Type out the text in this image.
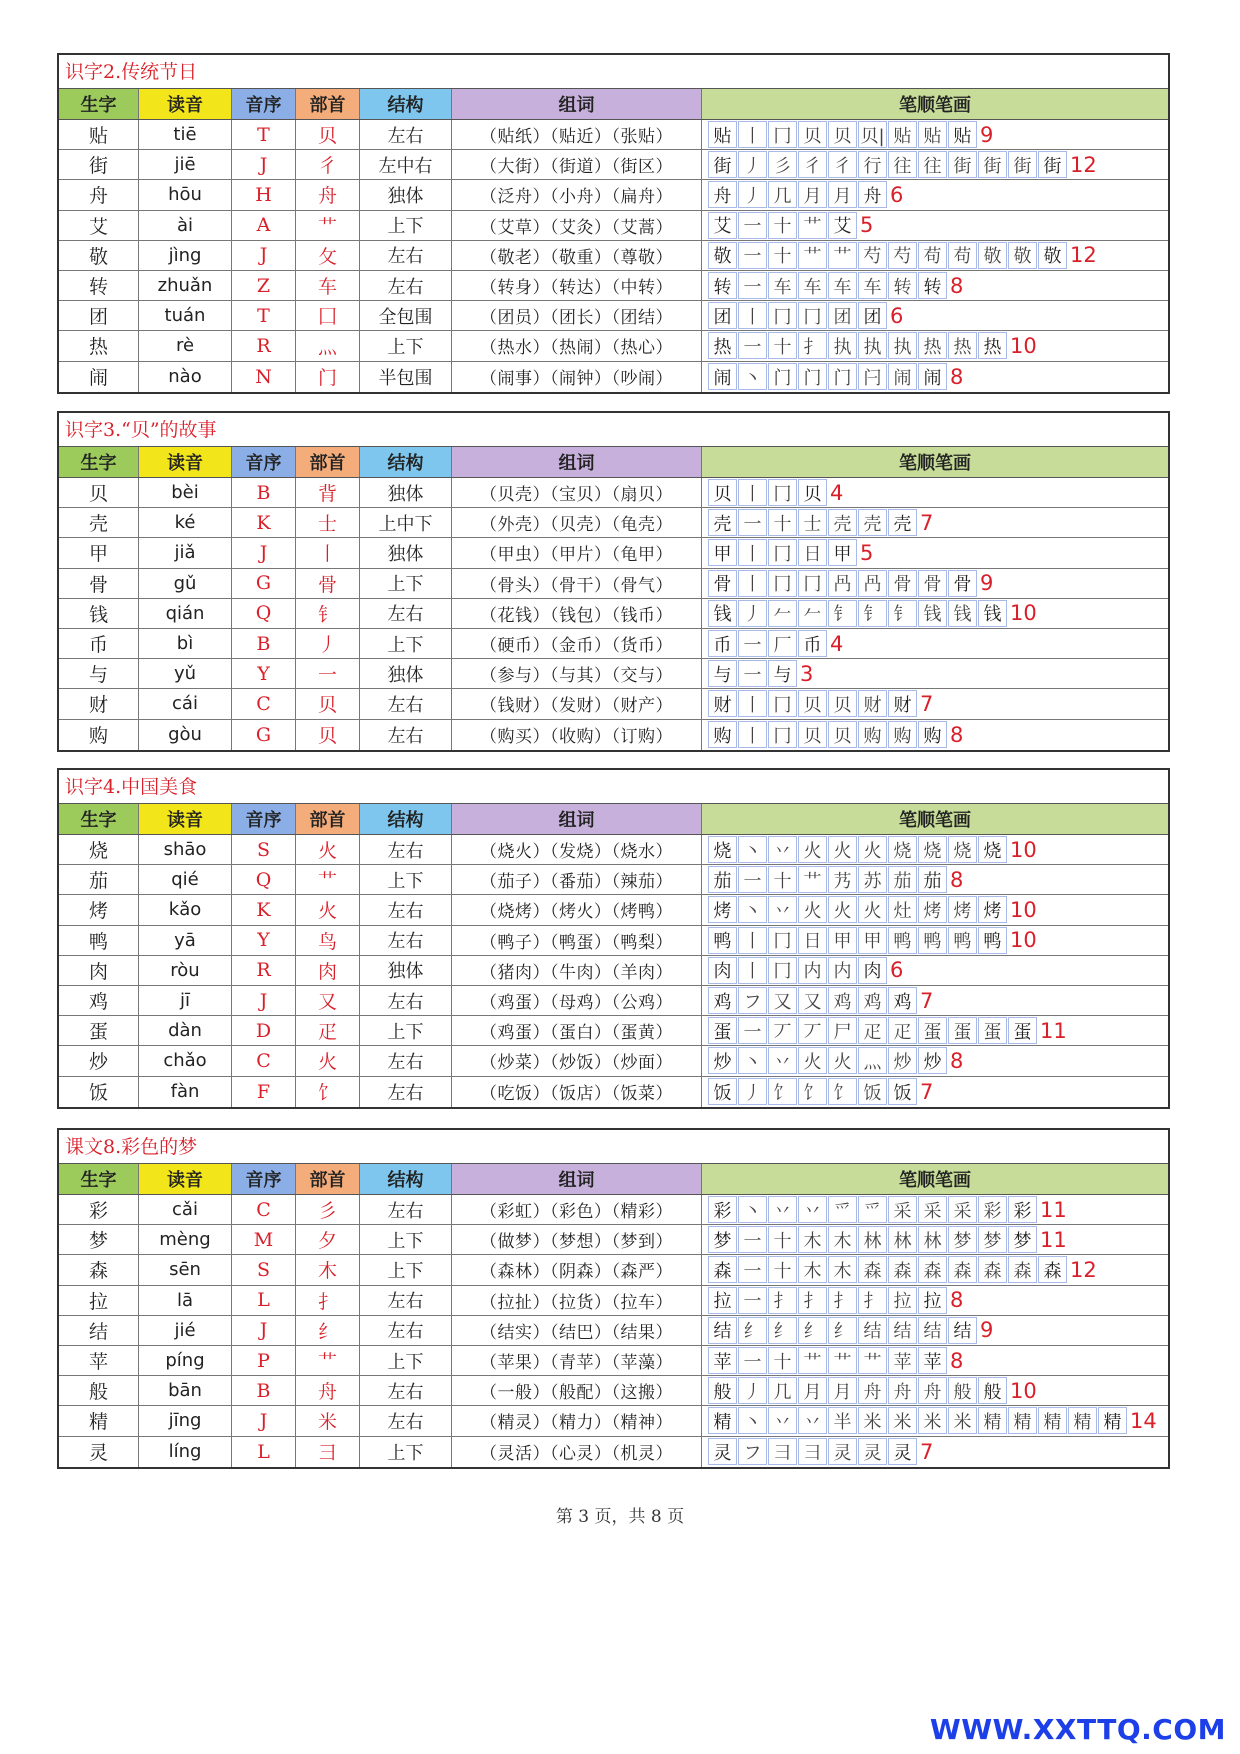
识字2.传统节日
生字	读音	音序	部首	结构	组词	笔顺笔画
贴	tiē	T	贝	左右	（贴纸）（贴近）（张贴）	贴 丨 冂 贝 贝 贝| 贴 贴 贴 9
街	jiē	J	彳	左中右	（大街）（街道）（街区）	街 丿 彡 彳 彳 行 往 往 街 街 街 街 12
舟	hōu	H	舟	独体	（泛舟）（小舟）（扁舟）	舟 丿 几 月 月 舟 6
艾	ài	A	艹	上下	（艾草）（艾灸）（艾蒿）	艾 一 十 艹 艾 5
敬	jìng	J	攵	左右	（敬老）（敬重）（尊敬）	敬 一 十 艹 艹 芍 芍 苟 苟 敬 敬 敬 12
转	zhuǎn	Z	车	左右	（转身）（转达）（中转）	转 一 车 车 车 车 转 转 8
团	tuán	T	囗	全包围	（团员）（团长）（团结）	团 丨 冂 冂 团 团 6
热	rè	R	灬	上下	（热水）（热闹）（热心）	热 一 十 扌 执 执 执 热 热 热 10
闹	nào	N	门	半包围	（闹事）（闹钟）（吵闹）	闹 丶 门 门 门 闩 闹 闹 8
识字3.“贝”的故事
生字	读音	音序	部首	结构	组词	笔顺笔画
贝	bèi	B	背	独体	（贝壳）（宝贝）（扇贝）	贝 丨 冂 贝 4
壳	ké	K	士	上中下	（外壳）（贝壳）（龟壳）	壳 一 十 士 壳 壳 壳 7
甲	jiǎ	J	丨	独体	（甲虫）（甲片）（龟甲）	甲 丨 冂 日 甲 5
骨	gǔ	G	骨	上下	（骨头）（骨干）（骨气）	骨 丨 冂 冂 冎 冎 骨 骨 骨 9
钱	qián	Q	钅	左右	（花钱）（钱包）（钱币）	钱 丿 𠂉 𠂉 钅 钅 钅 钱 钱 钱 10
币	bì	B	丿	上下	（硬币）（金币）（货币）	币 一 厂 币 4
与	yǔ	Y	一	独体	（参与）（与其）（交与）	与 一 与 3
财	cái	C	贝	左右	（钱财）（发财）（财产）	财 丨 冂 贝 贝 财 财 7
购	gòu	G	贝	左右	（购买）（收购）（订购）	购 丨 冂 贝 贝 购 购 购 8
识字4.中国美食
生字	读音	音序	部首	结构	组词	笔顺笔画
烧	shāo	S	火	左右	（烧火）（发烧）（烧水）	烧 丶 丷 火 火 火 烧 烧 烧 烧 10
茄	qié	Q	艹	上下	（茄子）（番茄）（辣茄）	茄 一 十 艹 艿 苏 茄 茄 8
烤	kǎo	K	火	左右	（烧烤）（烤火）（烤鸭）	烤 丶 丷 火 火 火 灶 烤 烤 烤 10
鸭	yā	Y	鸟	左右	（鸭子）（鸭蛋）（鸭梨）	鸭 丨 冂 日 甲 甲 鸭 鸭 鸭 鸭 10
肉	ròu	R	肉	独体	（猪肉）（牛肉）（羊肉）	肉 丨 冂 内 内 肉 6
鸡	jī	J	又	左右	（鸡蛋）（母鸡）（公鸡）	鸡 フ 又 又 鸡 鸡 鸡 7
蛋	dàn	D	疋	上下	（鸡蛋）（蛋白）（蛋黄）	蛋 一 丆 丆 尸 疋 疋 蛋 蛋 蛋 蛋 11
炒	chǎo	C	火	左右	（炒菜）（炒饭）（炒面）	炒 丶 丷 火 火 灬 炒 炒 8
饭	fàn	F	饣	左右	（吃饭）（饭店）（饭菜）	饭 丿 饣 饣 饣 饭 饭 7
课文8.彩色的梦
生字	读音	音序	部首	结构	组词	笔顺笔画
彩	cǎi	C	彡	左右	（彩虹）（彩色）（精彩）	彩 丶 丷 丷 爫 爫 采 采 采 彩 彩 11
梦	mèng	M	夕	上下	（做梦）（梦想）（梦到）	梦 一 十 木 木 林 林 林 梦 梦 梦 11
森	sēn	S	木	上下	（森林）（阴森）（森严）	森 一 十 木 木 森 森 森 森 森 森 森 12
拉	lā	L	扌	左右	（拉扯）（拉货）（拉车）	拉 一 扌 扌 扌 扌 拉 拉 8
结	jié	J	纟	左右	（结实）（结巴）（结果）	结 纟 纟 纟 纟 结 结 结 结 9
苹	píng	P	艹	上下	（苹果）（青苹）（苹藻）	苹 一 十 艹 艹 艹 苹 苹 8
般	bān	B	舟	左右	（一般）（般配）（这搬）	般 丿 几 月 月 舟 舟 舟 般 般 10
精	jīng	J	米	左右	（精灵）（精力）（精神）	精 丶 丷 丷 半 米 米 米 米 精 精 精 精 精 14
灵	líng	L	彐	上下	（灵活）（心灵）（机灵）	灵 フ 彐 彐 灵 灵 灵 7
第 3 页，共 8 页
WWW.XXTTQ.COM
